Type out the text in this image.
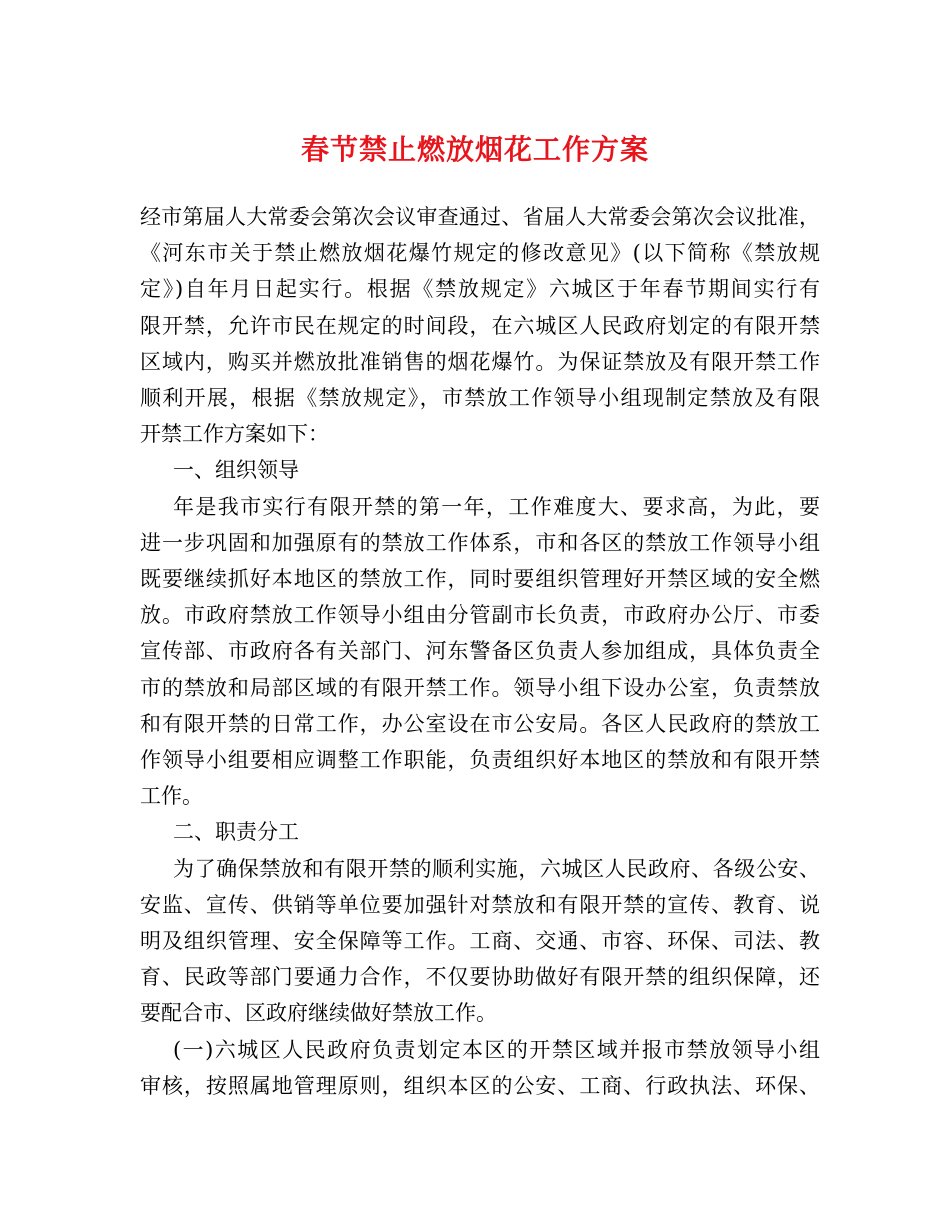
春节禁止燃放烟花工作方案

经市第届人大常委会第次会议审查通过、省届人大常委会第次会议批准，
《河东市关于禁止燃放烟花爆竹规定的修改意见》(以下简称《禁放规
定》)自年月日起实行。根据《禁放规定》六城区于年春节期间实行有
限开禁，允许市民在规定的时间段，在六城区人民政府划定的有限开禁
区域内，购买并燃放批准销售的烟花爆竹。为保证禁放及有限开禁工作
顺利开展，根据《禁放规定》，市禁放工作领导小组现制定禁放及有限
开禁工作方案如下：

一、组织领导

年是我市实行有限开禁的第一年，工作难度大、要求高，为此，要
进一步巩固和加强原有的禁放工作体系，市和各区的禁放工作领导小组
既要继续抓好本地区的禁放工作，同时要组织管理好开禁区域的安全燃
放。市政府禁放工作领导小组由分管副市长负责，市政府办公厅、市委
宣传部、市政府各有关部门、河东警备区负责人参加组成，具体负责全
市的禁放和局部区域的有限开禁工作。领导小组下设办公室，负责禁放
和有限开禁的日常工作，办公室设在市公安局。各区人民政府的禁放工
作领导小组要相应调整工作职能，负责组织好本地区的禁放和有限开禁
工作。

二、职责分工

为了确保禁放和有限开禁的顺利实施，六城区人民政府、各级公安、
安监、宣传、供销等单位要加强针对禁放和有限开禁的宣传、教育、说
明及组织管理、安全保障等工作。工商、交通、市容、环保、司法、教
育、民政等部门要通力合作，不仅要协助做好有限开禁的组织保障，还
要配合市、区政府继续做好禁放工作。

(一)六城区人民政府负责划定本区的开禁区域并报市禁放领导小组
审核，按照属地管理原则，组织本区的公安、工商、行政执法、环保、
